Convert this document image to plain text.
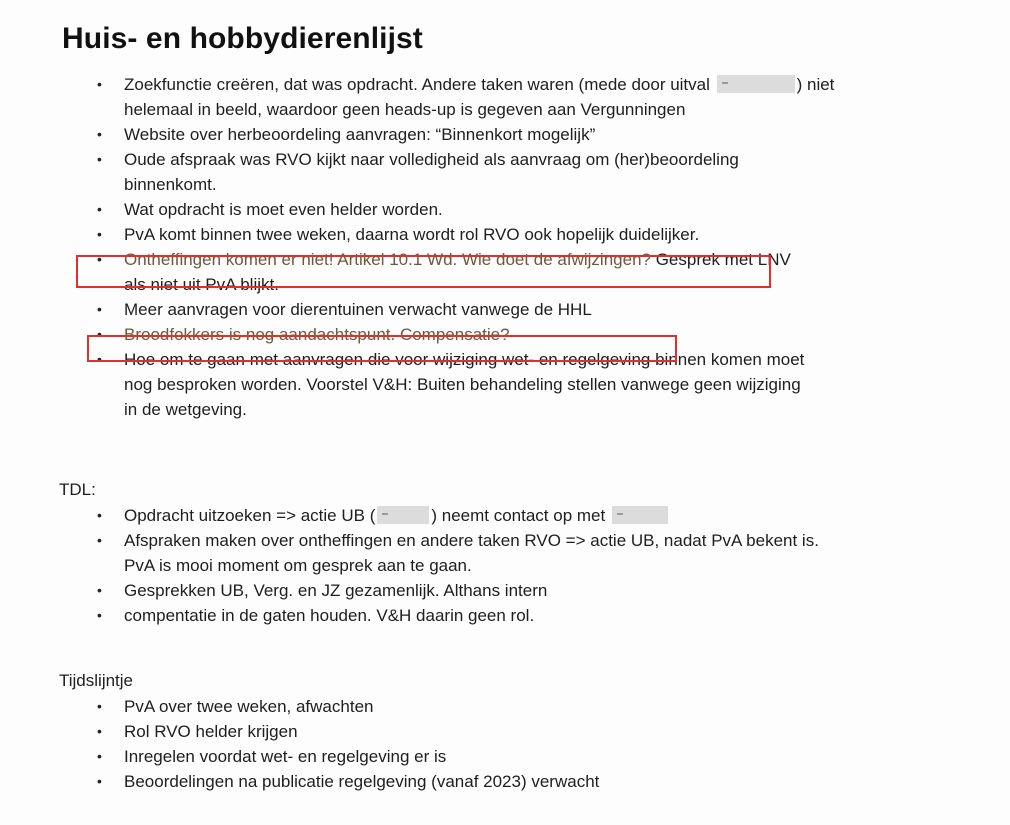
Huis- en hobbydierenlijst
• Zoekfunctie creëren, dat was opdracht. Andere taken waren (mede door uitval	) niet
helemaal in beeld, waardoor geen heads-up is gegeven aan Vergunningen
• Website over herbeoordeling aanvragen: “Binnenkort mogelijk”
• Oude afspraak was RVO kijkt naar volledigheid als aanvraag om (her)beoordeling
binnenkomt.
• Wat opdracht is moet even helder worden.
• PvA komt binnen twee weken, daarna wordt rol RVO ook hopelijk duidelijker.
• Ontheffingen komen er niet! Artikel 10.1 Wd. Wie doet de afwijzingen? Gesprek met LNV
als niet uit PvA blijkt.
• Meer aanvragen voor dierentuinen verwacht vanwege de HHL
• Broodfokkers is nog aandachtspunt. Compensatie?
• Hoe om te gaan met aanvragen die voor wijziging wet- en regelgeving binnen komen moet
nog besproken worden. Voorstel V&H: Buiten behandeling stellen vanwege geen wijziging
in de wetgeving.

TDL:

• Opdracht uitzoeken => actie UB (	) neemt contact op met
• Afspraken maken over ontheffingen en andere taken RVO => actie UB, nadat PvA bekent is.
PvA is mooi moment om gesprek aan te gaan.
• Gesprekken UB, Verg. en JZ gezamenlijk. Althans intern
• compentatie in de gaten houden. V&H daarin geen rol.

Tijdslijntje

• PvA over twee weken, afwachten
• Rol RVO helder krijgen
• Inregelen voordat wet- en regelgeving er is
• Beoordelingen na publicatie regelgeving (vanaf 2023) verwacht
